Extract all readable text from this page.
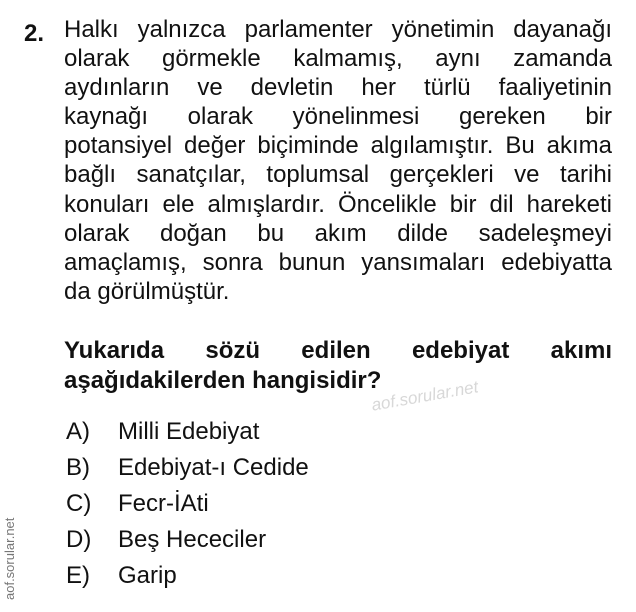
2. Halkı yalnızca parlamenter yönetimin dayanağı
olarak görmekle kalmamış, aynı zamanda
aydınların ve devletin her türlü faaliyetinin
kaynağı olarak yönelinmesi gereken bir
potansiyel değer biçiminde algılamıştır. Bu akıma
bağlı sanatçılar, toplumsal gerçekleri ve tarihi
konuları ele almışlardır. Öncelikle bir dil hareketi
olarak doğan bu akım dilde sadeleşmeyi
amaçlamış, sonra bunun yansımaları edebiyatta
da görülmüştür.
Yukarıda sözü edilen edebiyat akımı
aşağıdakilerden hangisidir?
aof.sorular.net
A) Milli Edebiyat
B) Edebiyat-ı Cedide
C) Fecr-İAti
D) Beş Hececiler
E) Garip
aof.sorular.net
